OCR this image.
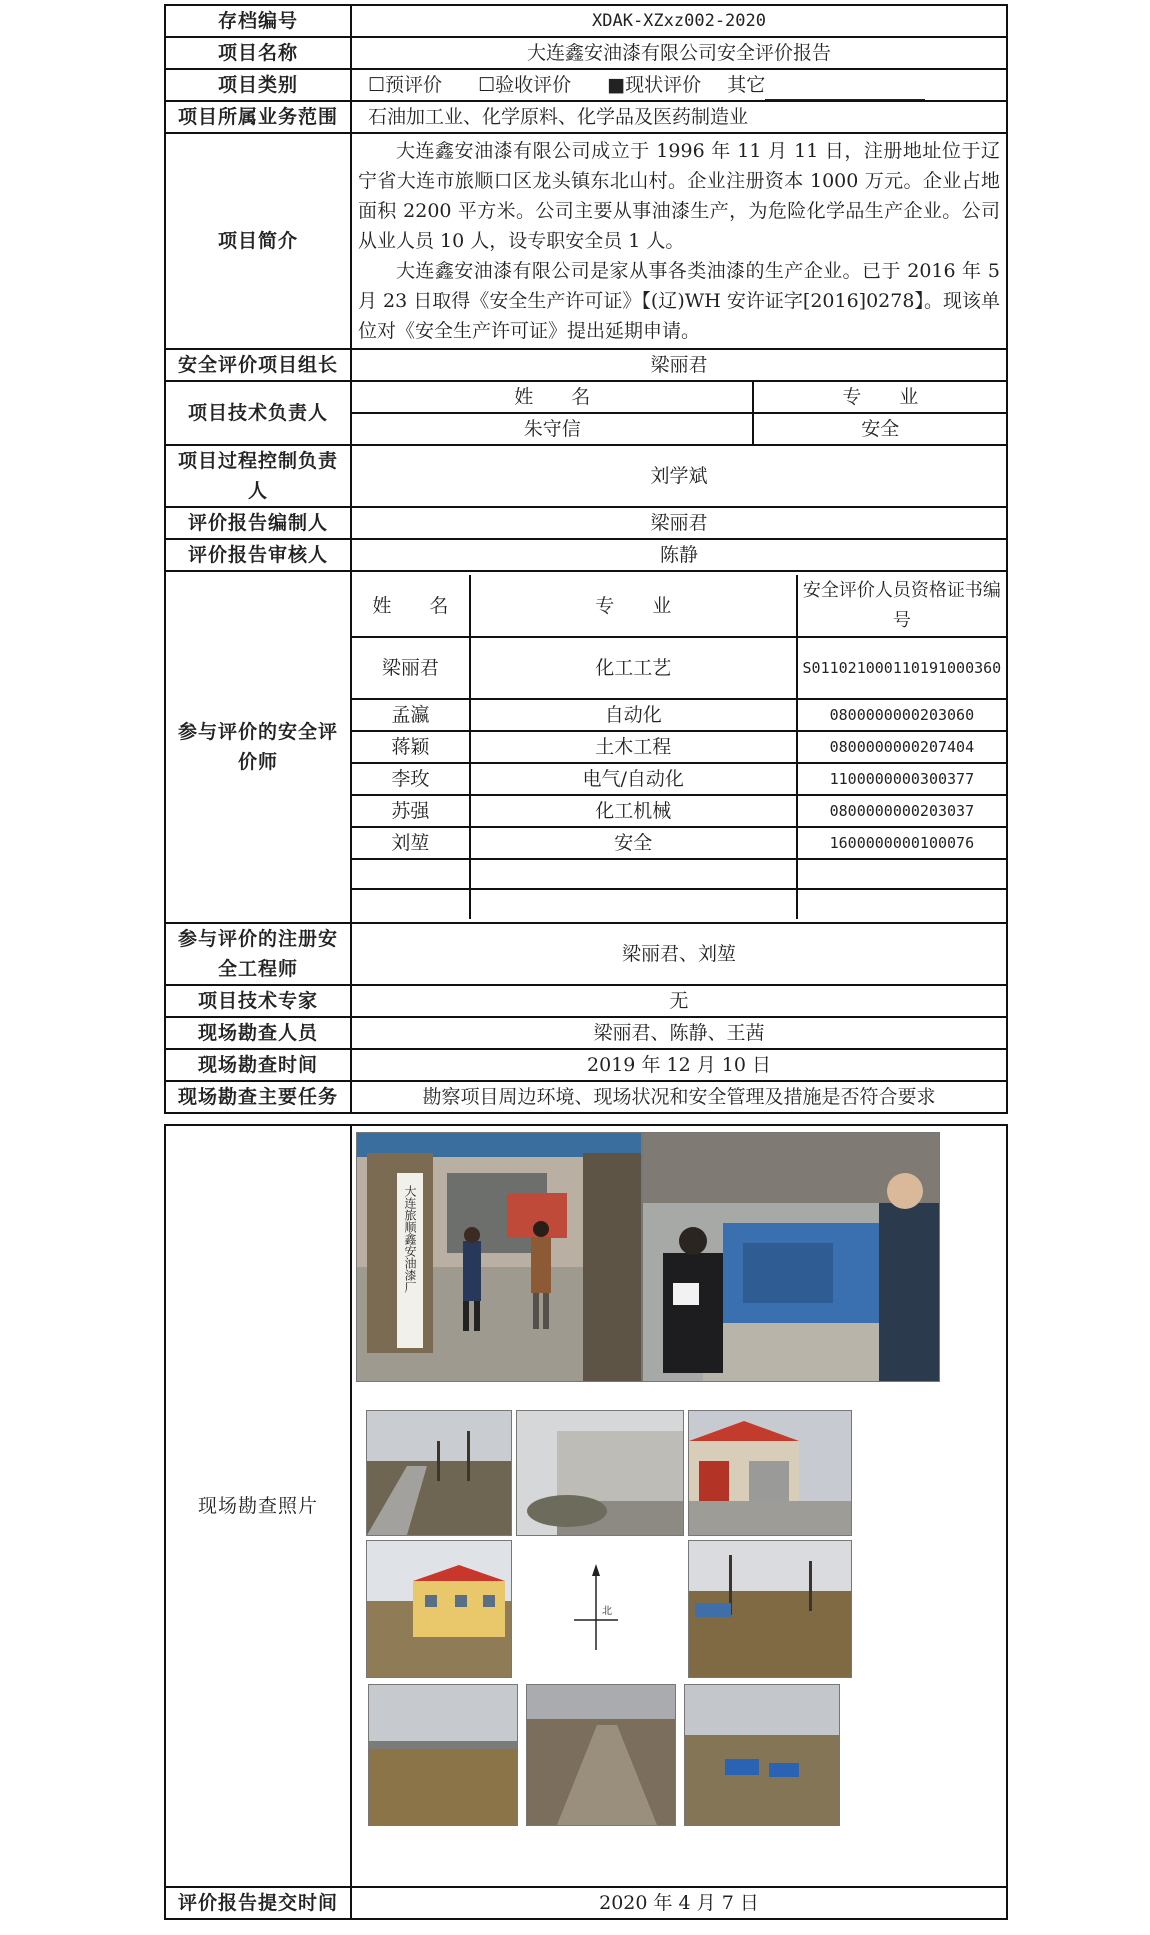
存档编号	XDAK-XZxz002-2020
项目名称	大连鑫安油漆有限公司安全评价报告
项目类别	☐预评价 ☐验收评价 ■现状评价 其它
项目所属业务范围	石油加工业、化学原料、化学品及医药制造业
项目简介	

大连鑫安油漆有限公司成立于 1996 年 11 月 11 日，注册地址位于辽宁省大连市旅顺口区龙头镇东北山村。企业注册资本 1000 万元。企业占地面积 2200 平方米。公司主要从事油漆生产，为危险化学品生产企业。公司从业人员 10 人，设专职安全员 1 人。

大连鑫安油漆有限公司是家从事各类油漆的生产企业。已于 2016 年 5 月 23 日取得《安全生产许可证》【(辽)WH 安许证字[2016]0278】。现该单位对《安全生产许可证》提出延期申请。

安全评价项目组长	梁丽君
项目技术负责人	
姓　　名	专　　业
朱守信	安全

项目过程控制负责人	刘学斌
评价报告编制人	梁丽君
评价报告审核人	陈静
参与评价的安全评价师	
姓　　名	专　　业	安全评价人员资格证书编号
梁丽君	化工工艺	S011021000110191000360
孟瀛	自动化	0800000000203060
蒋颖	土木工程	0800000000207404
李玫	电气/自动化	1100000000300377
苏强	化工机械	0800000000203037
刘堃	安全	1600000000100076

参与评价的注册安全工程师	梁丽君、刘堃
项目技术专家	无
现场勘查人员	梁丽君、陈静、王茜
现场勘查时间	2019 年 12 月 10 日
现场勘查主要任务	勘察项目周边环境、现场状况和安全管理及措施是否符合要求
现场勘查照片	大连旅顺鑫安油漆厂
北

评价报告提交时间	2020 年 4 月 7 日
